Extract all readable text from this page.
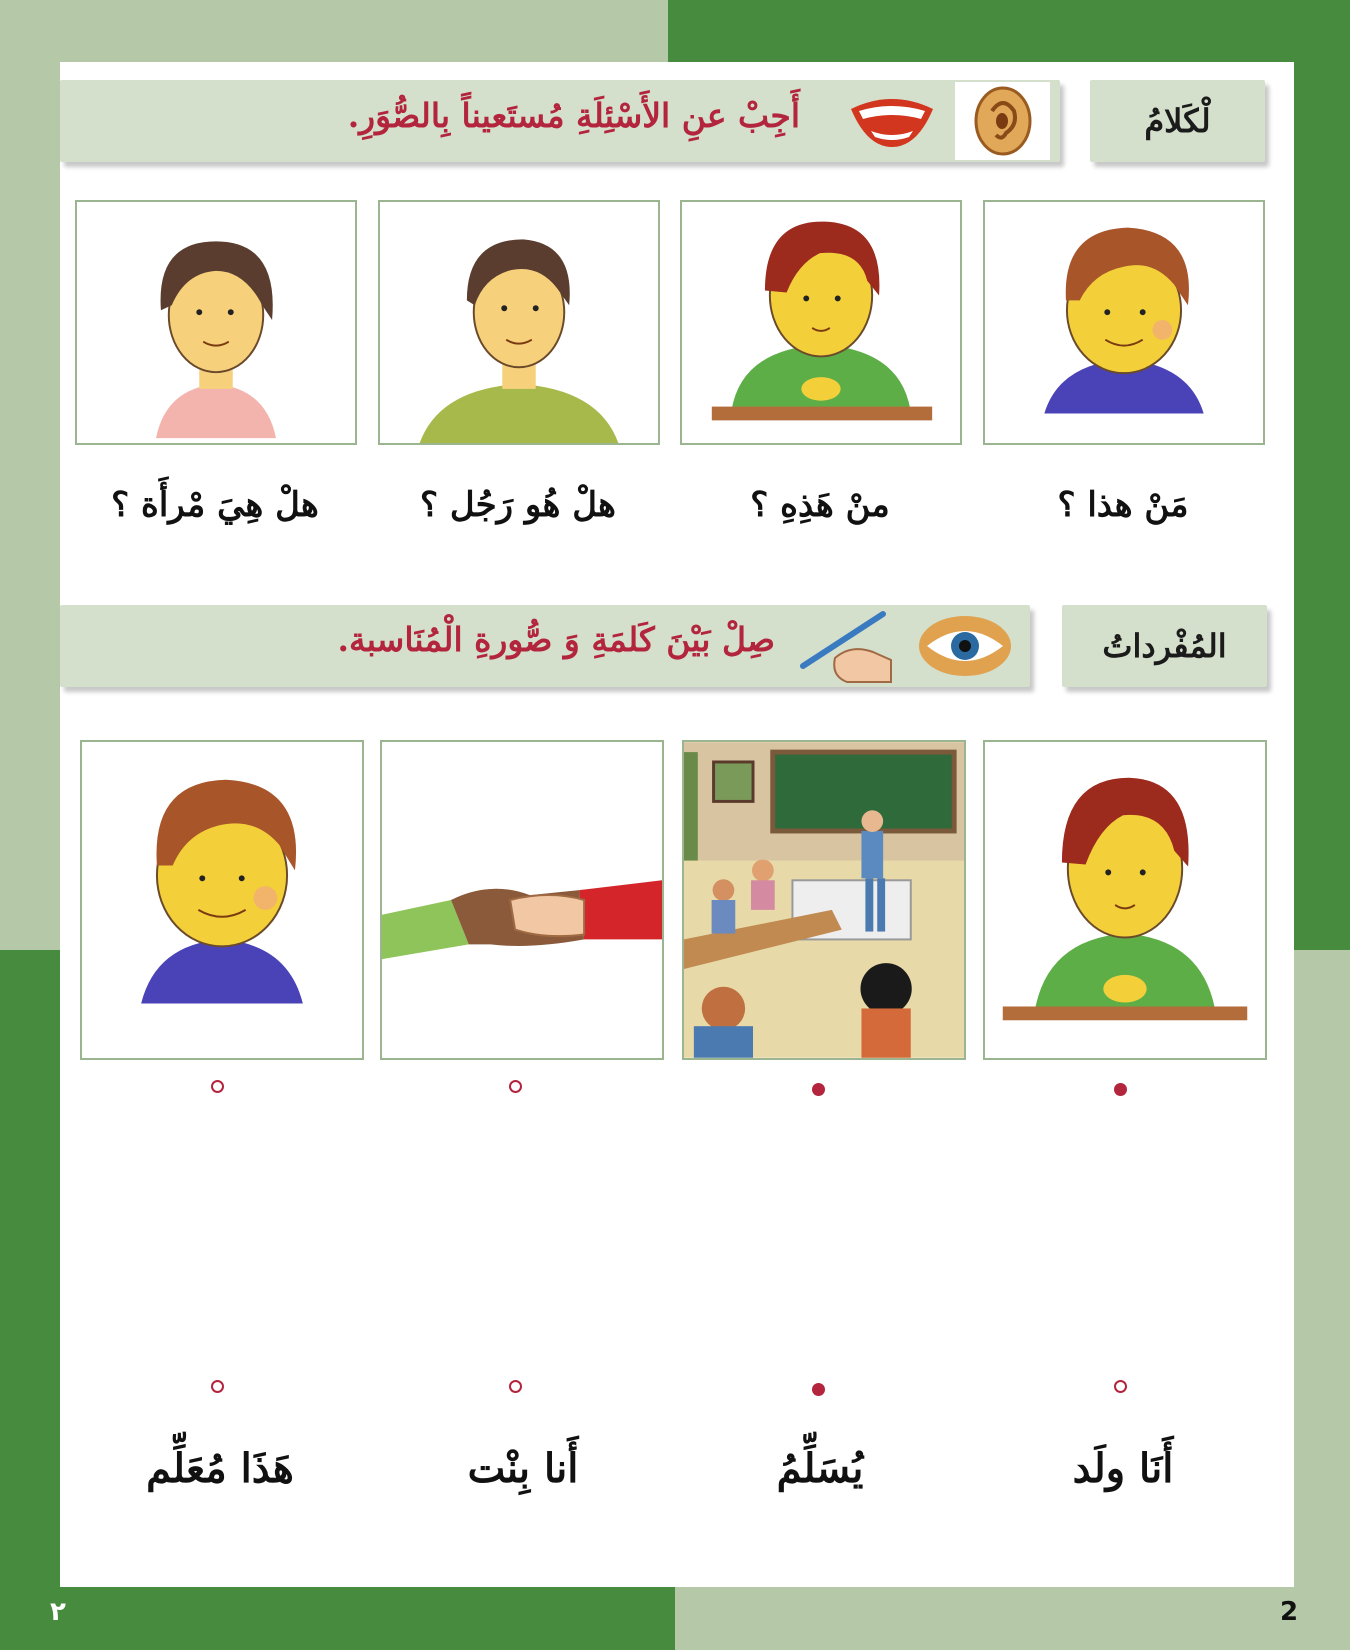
لْكَلامُ
أَجِبْ عنِ الأَسْئِلَةِ مُستَعيناً بِالصُّوَرِ.
مَنْ هذا ؟
منْ هَذِهِ ؟
هلْ هُو رَجُل ؟
هلْ هِيَ مْرأَة ؟
المُفْرداتُ
صِلْ بَيْنَ كَلمَةِ وَ صُّورةِ الْمُنَاسبة.
أَنَا ولَد
يُسَلِّمُ
أَنا بِنْت
هَذَا مُعَلِّم
٢	2
